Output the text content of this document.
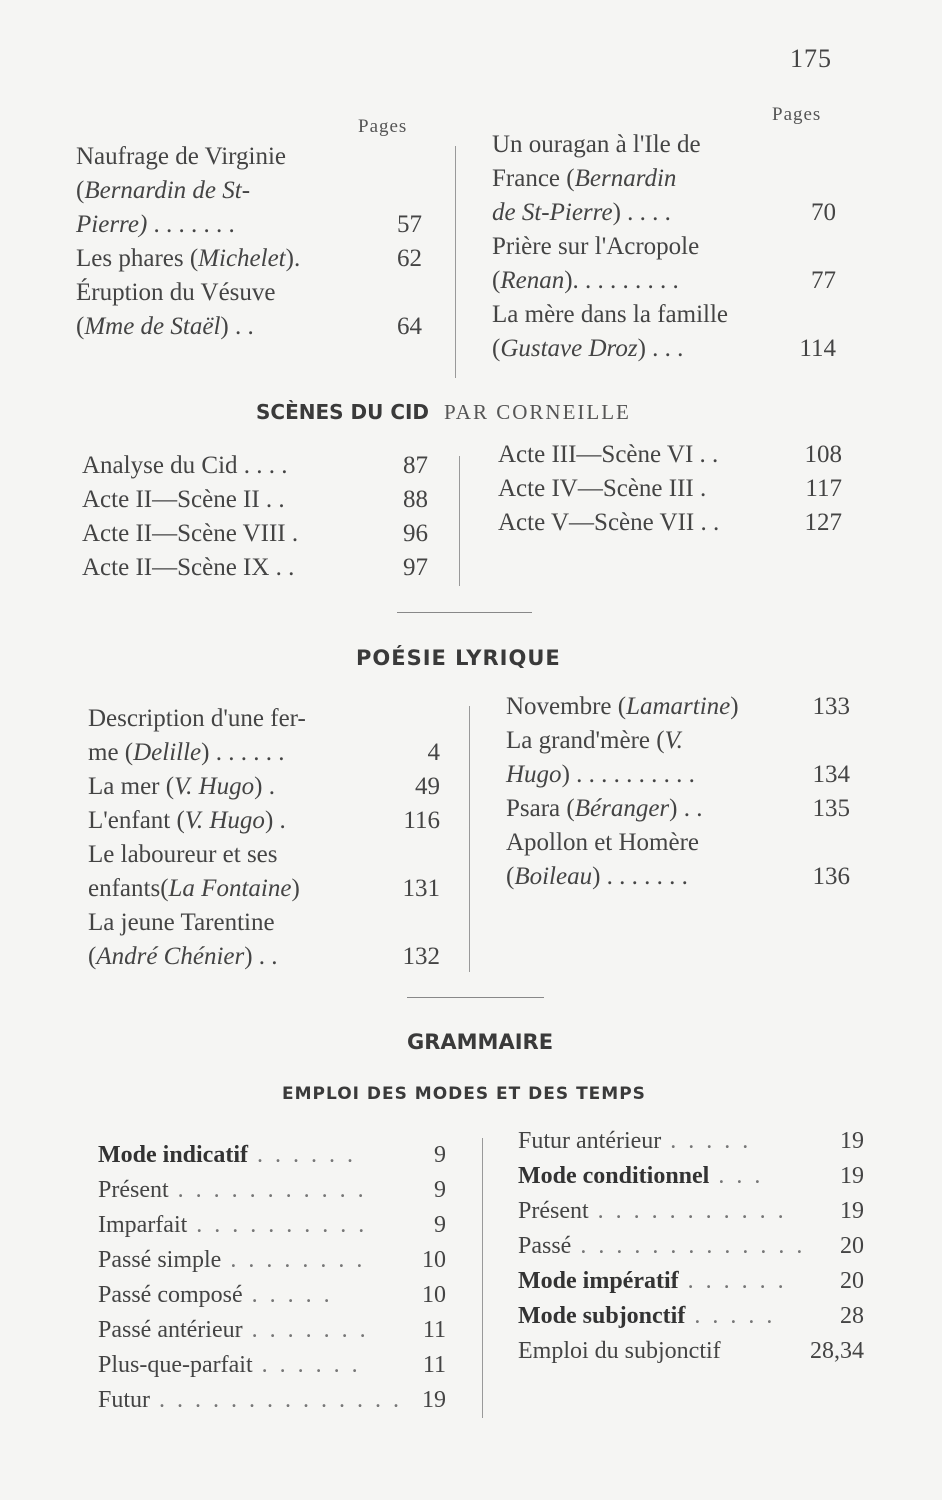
175
Pages
Pages
Naufrage de Virginie
(Bernardin de St-
Pierre) . . . . . . .	57
Les phares (Michelet).	62
Éruption du Vésuve
(Mme de Staël) . .	64
Un ouragan à l'Ile de
France (Bernardin
de St-Pierre) . . . .	70
Prière sur l'Acropole
(Renan). . . . . . . . .	77
La mère dans la famille
(Gustave Droz) . . .	114
SCÈNES DU CID PAR CORNEILLE
Analyse du Cid . . . .	87
Acte II—Scène II . .	88
Acte II—Scène VIII .	96
Acte II—Scène IX . .	97
Acte III—Scène VI . .	108
Acte IV—Scène III .	117
Acte V—Scène VII . .	127
POÉSIE LYRIQUE
Description d'une fer-
me (Delille) . . . . . .	4
La mer (V. Hugo) .	49
L'enfant (V. Hugo) .	116
Le laboureur et ses
enfants(La Fontaine)	131
La jeune Tarentine
(André Chénier) . .	132
Novembre (Lamartine)	133
La grand'mère (V.
Hugo) . . . . . . . . . .	134
Psara (Béranger) . .	135
Apollon et Homère
(Boileau) . . . . . . .	136
GRAMMAIRE
EMPLOI DES MODES ET DES TEMPS
Mode indicatif . . . . . .	9
Présent . . . . . . . . . . .	9
Imparfait . . . . . . . . . .	9
Passé simple . . . . . . . . 10
Passé composé . . . . .	10
Passé antérieur . . . . . . . 11
Plus-que-parfait . . . . . .	11
Futur . . . . . . . . . . . . . . 19
Futur antérieur . . . . .	19
Mode conditionnel . . .	19
Présent . . . . . . . . . . . 19
Passé . . . . . . . . . . . . . 20
Mode impératif . . . . . . 20
Mode subjonctif . . . . .	28
Emploi du subjonctif	28,34
